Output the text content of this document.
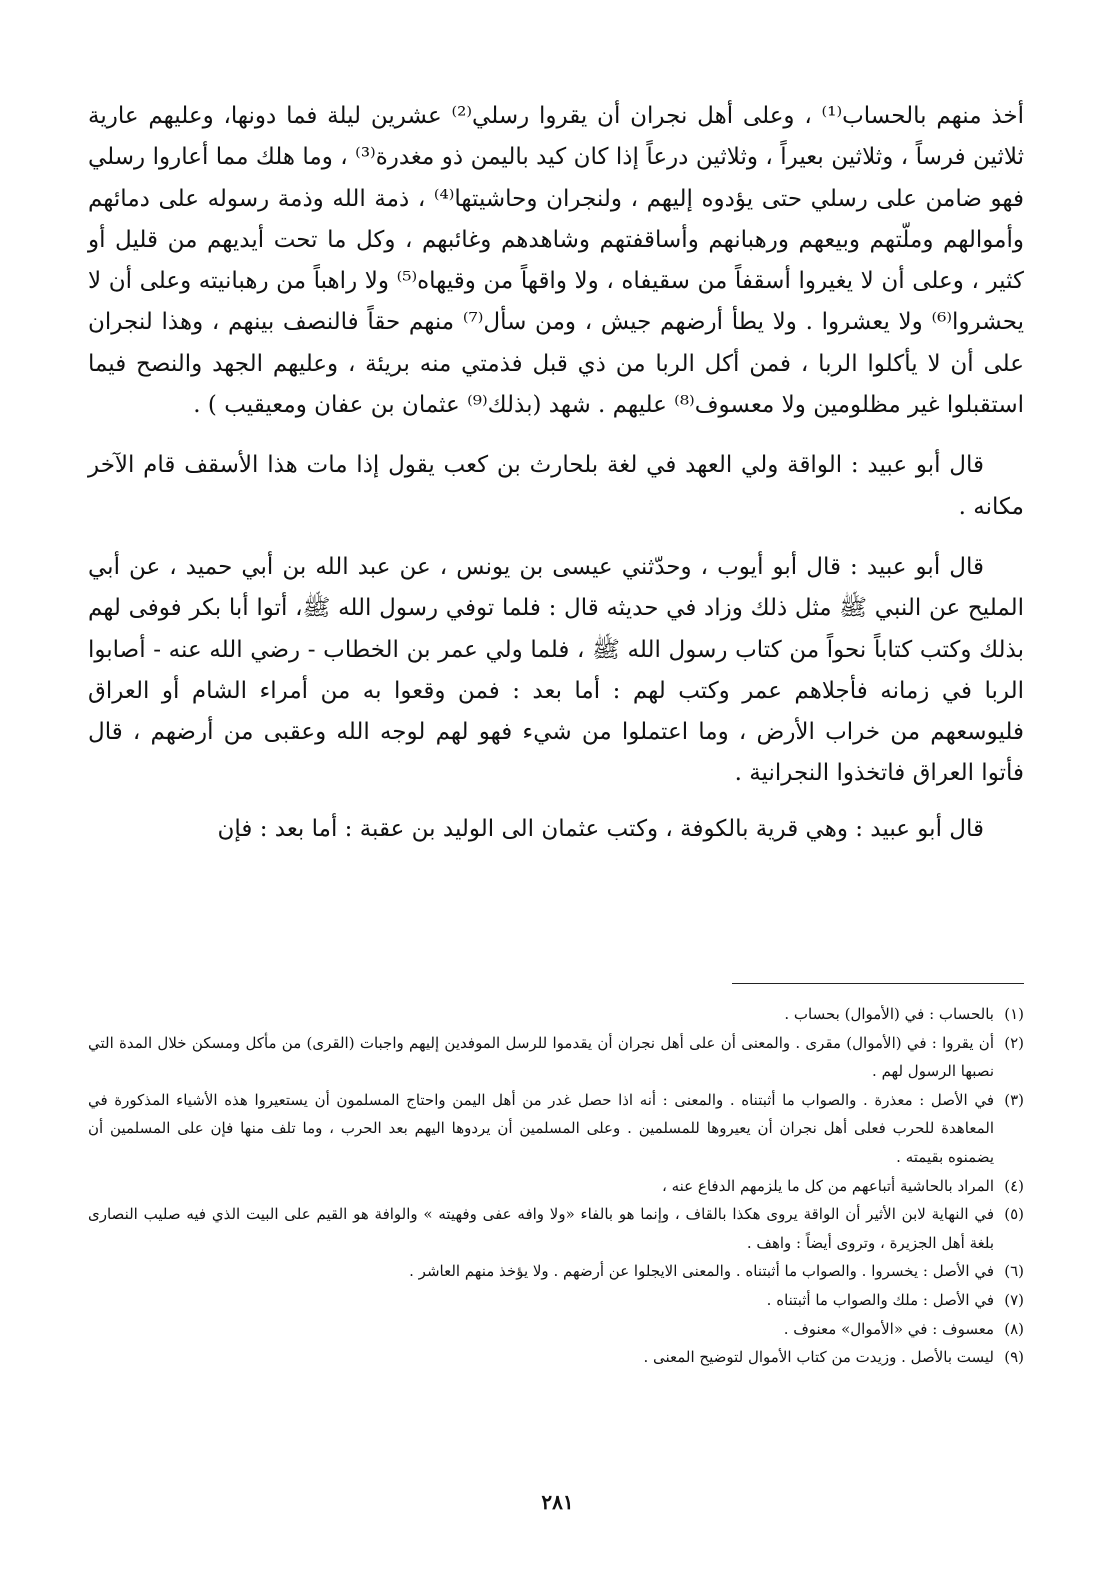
أخذ منهم بالحساب⁽¹⁾ ، وعلى أهل نجران أن يقروا رسلي⁽²⁾ عشرين ليلة فما دونها، وعليهم عارية ثلاثين فرساً ، وثلاثين بعيراً ، وثلاثين درعاً إذا كان كيد باليمن ذو مغدرة⁽³⁾ ، وما هلك مما أعاروا رسلي فهو ضامن على رسلي حتى يؤدوه إليهم ، ولنجران وحاشيتها⁽⁴⁾ ، ذمة الله وذمة رسوله على دمائهم وأموالهم وملّتهم وبيعهم ورهبانهم وأساقفتهم وشاهدهم وغائبهم ، وكل ما تحت أيديهم من قليل أو كثير ، وعلى أن لا يغيروا أسقفاً من سقيفاه ، ولا واقهاً من وقيهاه⁽⁵⁾ ولا راهباً من رهبانيته وعلى أن لا يحشروا⁽⁶⁾ ولا يعشروا . ولا يطأ أرضهم جيش ، ومن سأل⁽⁷⁾ منهم حقاً فالنصف بينهم ، وهذا لنجران على أن لا يأكلوا الربا ، فمن أكل الربا من ذي قبل فذمتي منه بريئة ، وعليهم الجهد والنصح فيما استقبلوا غير مظلومين ولا معسوف⁽⁸⁾ عليهم . شهد (بذلك⁽⁹⁾ عثمان بن عفان ومعيقيب ) .

قال أبو عبيد : الواقة ولي العهد في لغة بلحارث بن كعب يقول إذا مات هذا الأسقف قام الآخر مكانه .

قال أبو عبيد : قال أبو أيوب ، وحدّثني عيسى بن يونس ، عن عبد الله بن أبي حميد ، عن أبي المليح عن النبي ﷺ مثل ذلك وزاد في حديثه قال : فلما توفي رسول الله ﷺ، أتوا أبا بكر فوفى لهم بذلك وكتب كتاباً نحواً من كتاب رسول الله ﷺ ، فلما ولي عمر بن الخطاب - رضي الله عنه - أصابوا الربا في زمانه فأجلاهم عمر وكتب لهم : أما بعد : فمن وقعوا به من أمراء الشام أو العراق فليوسعهم من خراب الأرض ، وما اعتملوا من شيء فهو لهم لوجه الله وعقبى من أرضهم ، قال فأتوا العراق فاتخذوا النجرانية .

قال أبو عبيد : وهي قرية بالكوفة ، وكتب عثمان الى الوليد بن عقبة : أما بعد : فإن

(١)
بالحساب : في (الأموال) بحساب .

(٢)
أن يقروا : في (الأموال) مقرى . والمعنى أن على أهل نجران أن يقدموا للرسل الموفدين إليهم واجبات (القرى) من مأكل ومسكن خلال المدة التي نصبها الرسول لهم .

(٣)
في الأصل : معذرة . والصواب ما أثبتناه . والمعنى : أنه اذا حصل غدر من أهل اليمن واحتاج المسلمون أن يستعيروا هذه الأشياء المذكورة في المعاهدة للحرب فعلى أهل نجران أن يعيروها للمسلمين . وعلى المسلمين أن يردوها اليهم بعد الحرب ، وما تلف منها فإن على المسلمين أن يضمنوه بقيمته .

(٤)
المراد بالحاشية أتباعهم من كل ما يلزمهم الدفاع عنه ،

(٥)
في النهاية لابن الأثير أن الواقة يروى هكذا بالقاف ، وإنما هو بالفاء «ولا وافه عفى وفهيته » والوافة هو القيم على البيت الذي فيه صليب النصارى بلغة أهل الجزيرة ، وتروى أيضاً : واهف .

(٦)
في الأصل : يخسروا . والصواب ما أثبتناه . والمعنى الايجلوا عن أرضهم . ولا يؤخذ منهم العاشر .

(٧)
في الأصل : ملك والصواب ما أثبتناه .

(٨)
معسوف : في «الأموال» معنوف .

(٩)
ليست بالأصل . وزيدت من كتاب الأموال لتوضيح المعنى .

٢٨١
